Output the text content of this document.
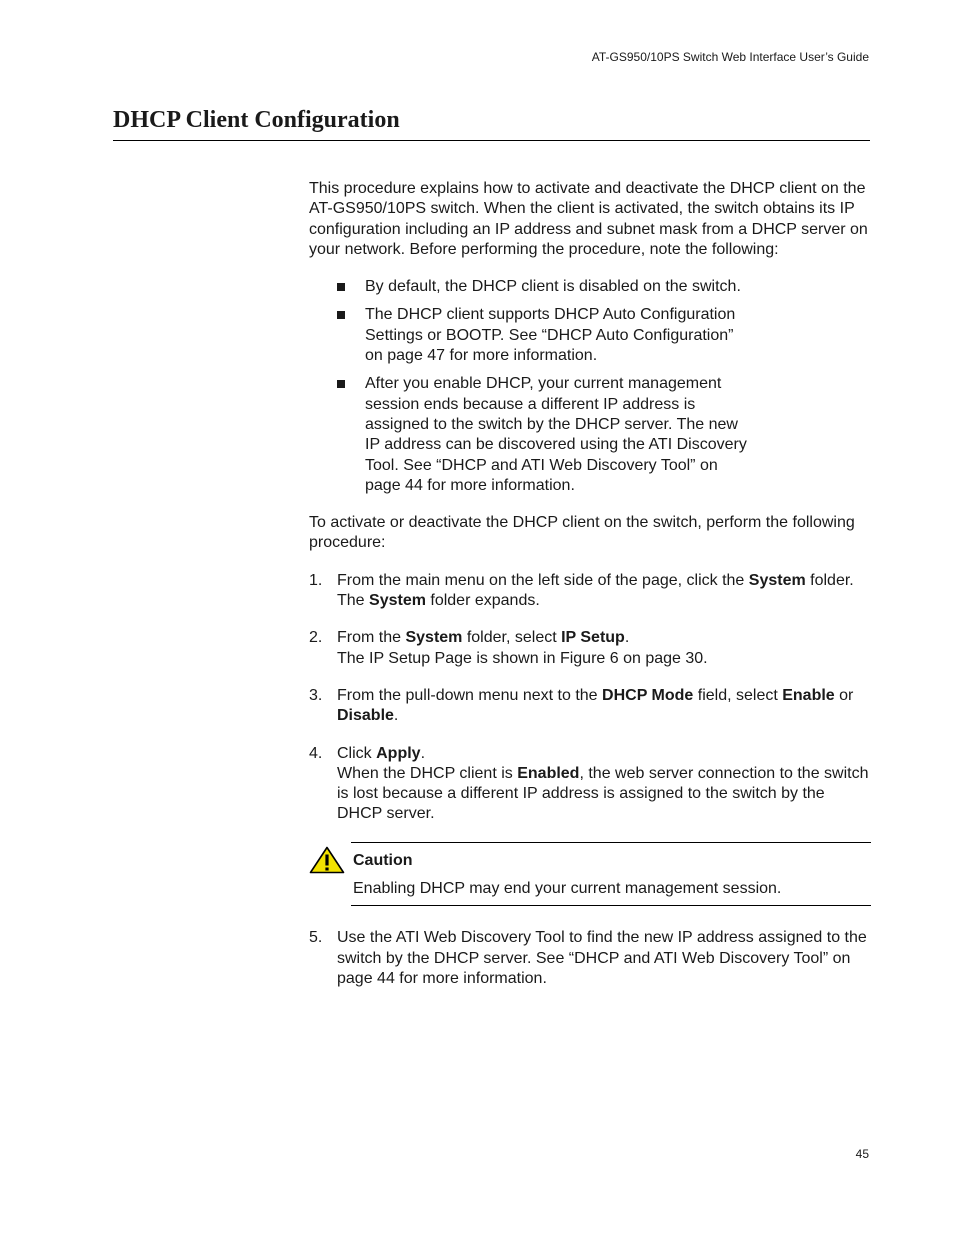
AT-GS950/10PS Switch Web Interface User’s Guide
DHCP Client Configuration

This procedure explains how to activate and deactivate the DHCP client on the AT-GS950/10PS switch. When the client is activated, the switch obtains its IP configuration including an IP address and subnet mask from a DHCP server on your network. Before performing the procedure, note the following:

By default, the DHCP client is disabled on the switch.
The DHCP client supports DHCP Auto Configuration Settings or BOOTP. See “DHCP Auto Configuration” on page 47 for more information.
After you enable DHCP, your current management session ends because a different IP address is assigned to the switch by the DHCP server. The new IP address can be discovered using the ATI Discovery Tool. See “DHCP and ATI Web Discovery Tool” on page 44 for more information.

To activate or deactivate the DHCP client on the switch, perform the following procedure:

1. From the main menu on the left side of the page, click the System folder.
The System folder expands.
2. From the System folder, select IP Setup.
The IP Setup Page is shown in Figure 6 on page 30.
3. From the pull-down menu next to the DHCP Mode field, select Enable or Disable.
4. Click Apply.
When the DHCP client is Enabled, the web server connection to the switch is lost because a different IP address is assigned to the switch by the DHCP server.

Caution

Enabling DHCP may end your current management session.

5. Use the ATI Web Discovery Tool to find the new IP address assigned to the switch by the DHCP server. See “DHCP and ATI Web Discovery Tool” on page 44 for more information.
45
